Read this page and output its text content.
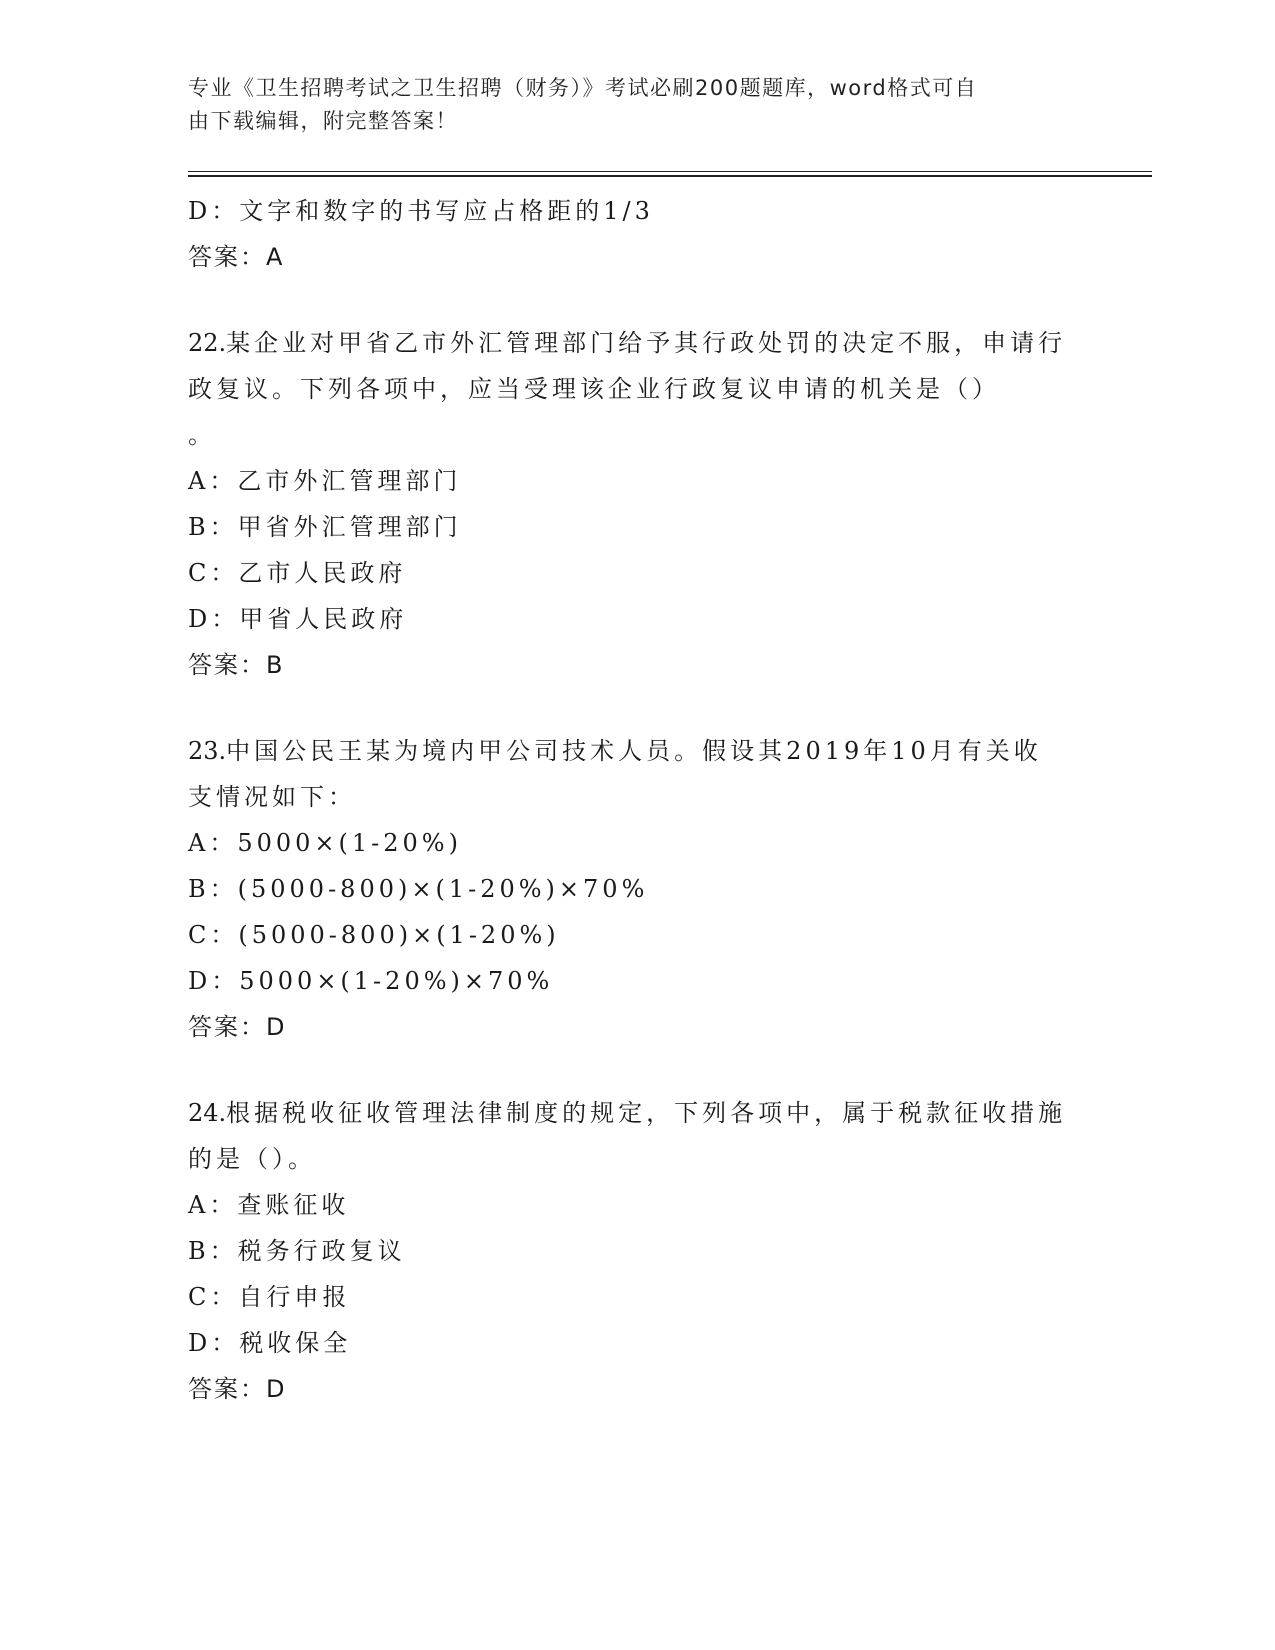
专业《卫生招聘考试之卫生招聘（财务）》考试必刷200题题库，word格式可自
由下载编辑，附完整答案！
D：文字和数字的书写应占格距的1/3
答案：A
22.某企业对甲省乙市外汇管理部门给予其行政处罚的决定不服，申请行政复议。下列各项中，应当受理该企业行政复议申请的机关是（）
。
A：乙市外汇管理部门
B：甲省外汇管理部门
C：乙市人民政府
D：甲省人民政府
答案：B
23.中国公民王某为境内甲公司技术人员。假设其2019年10月有关收支情况如下：
A：5000×(1-20%)
B：(5000-800)×(1-20%)×70%
C：(5000-800)×(1-20%)
D：5000×(1-20%)×70%
答案：D
24.根据税收征收管理法律制度的规定，下列各项中，属于税款征收措施的是（）。
A：查账征收
B：税务行政复议
C：自行申报
D：税收保全
答案：D
